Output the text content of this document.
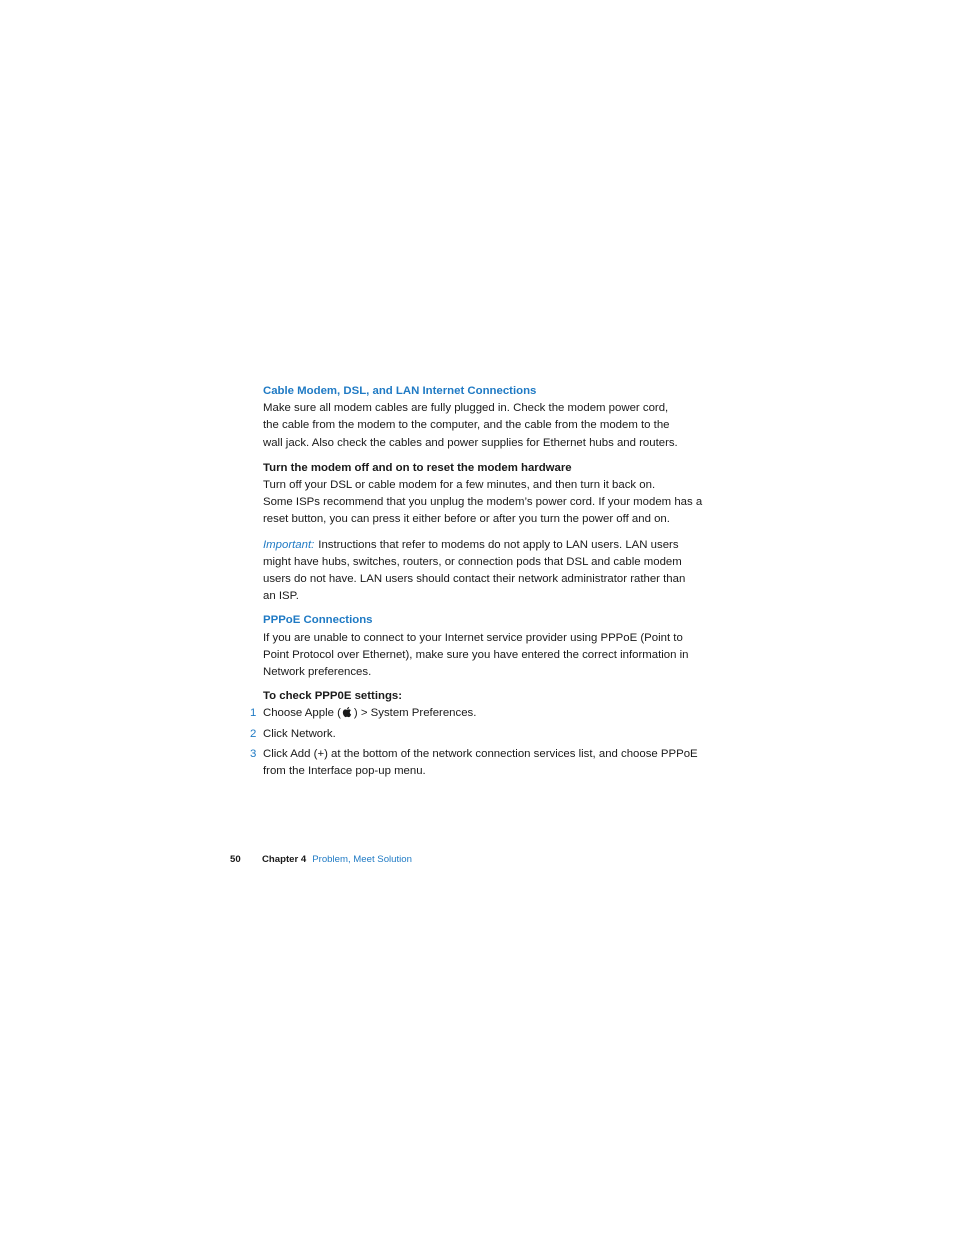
Cable Modem, DSL, and LAN Internet Connections

Make sure all modem cables are fully plugged in. Check the modem power cord,

the cable from the modem to the computer, and the cable from the modem to the

wall jack. Also check the cables and power supplies for Ethernet hubs and routers.

Turn the modem off and on to reset the modem hardware

Turn off your DSL or cable modem for a few minutes, and then turn it back on.

Some ISPs recommend that you unplug the modem’s power cord. If your modem has a

reset button, you can press it either before or after you turn the power off and on.

Important: Instructions that refer to modems do not apply to LAN users. LAN users

might have hubs, switches, routers, or connection pods that DSL and cable modem

users do not have. LAN users should contact their network administrator rather than

an ISP.

PPPoE Connections

If you are unable to connect to your Internet service provider using PPPoE (Point to

Point Protocol over Ethernet), make sure you have entered the correct information in

Network preferences.

To check PPP0E settings:

1 Choose Apple ( ) > System Preferences.
2 Click Network.
3 Click Add (+) at the bottom of the network connection services list, and choose PPPoE
from the Interface pop-up menu.
50 Chapter 4 Problem, Meet Solution
